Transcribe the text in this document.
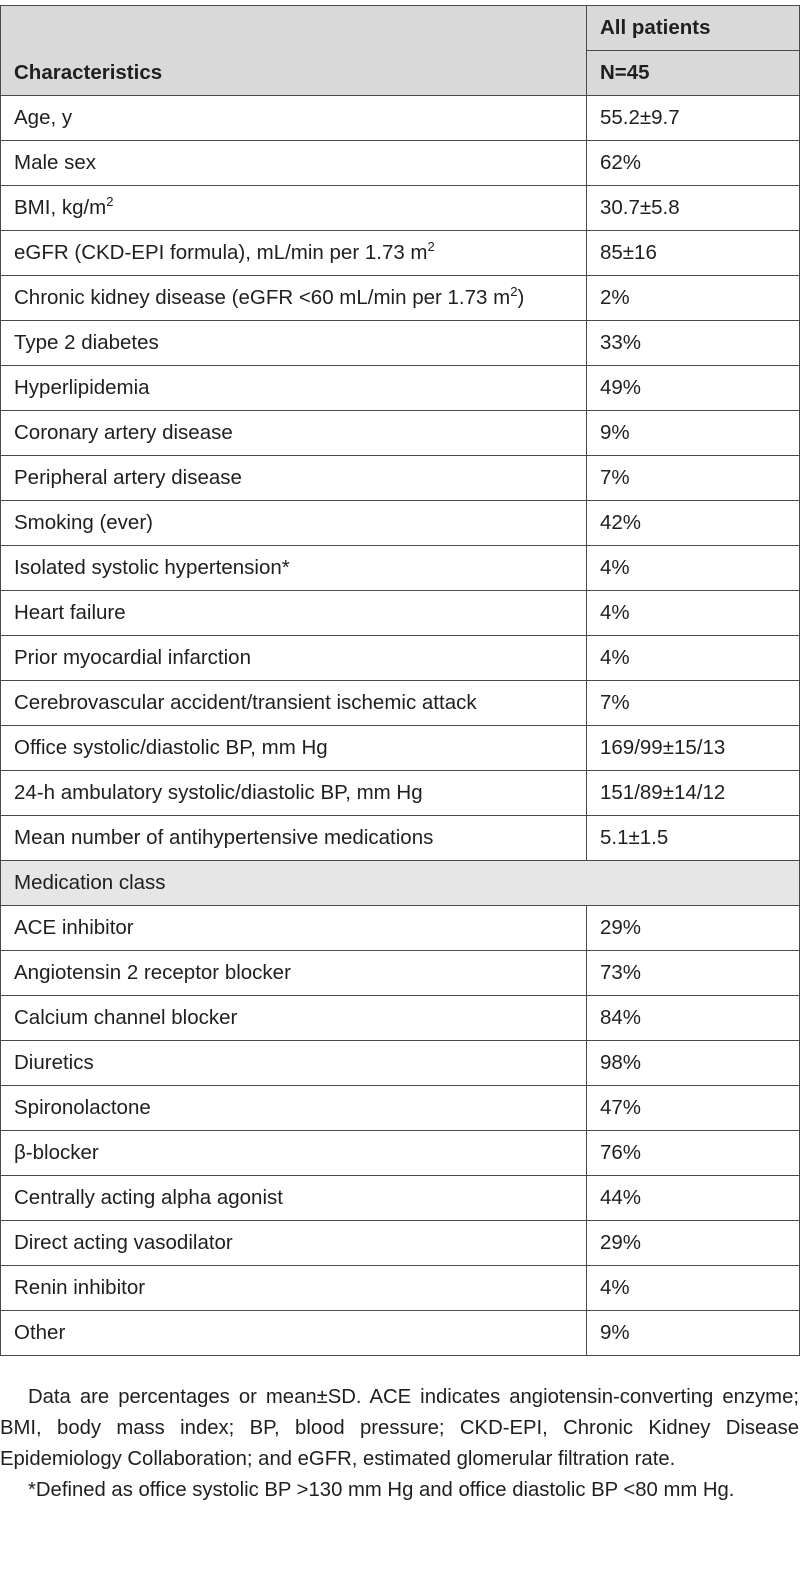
Characteristics	All patients
	N=45
Age, y	55.2±9.7
Male sex	62%
BMI, $kg/m^2$	30.7±5.8
eGFR (CKD-EPI formula), mL/min per 1.73 $m^2$	85±16
Chronic kidney disease (eGFR <60 mL/min per 1.73 $m^2$)	2%
Type 2 diabetes	33%
Hyperlipidemia	49%
Coronary artery disease	9%
Peripheral artery disease	7%
Smoking (ever)	42%
Isolated systolic hypertension*	4%
Heart failure	4%
Prior myocardial infarction	4%
Cerebrovascular accident/transient ischemic attack	7%
Office systolic/diastolic BP, mm Hg	169/99±15/13
24-h ambulatory systolic/diastolic BP, mm Hg	151/89±14/12
Mean number of antihypertensive medications	5.1±1.5
Medication class	
ACE inhibitor	29%
Angiotensin 2 receptor blocker	73%
Calcium channel blocker	84%
Diuretics	98%
Spironolactone	47%
β-blocker	76%
Centrally acting alpha agonist	44%
Direct acting vasodilator	29%
Renin inhibitor	4%
Other	9%

Data are percentages or mean±SD. ACE indicates angiotensin-converting enzyme; BMI, body mass index; BP, blood pressure; CKD-EPI, Chronic Kidney Disease Epidemiology Collaboration; and eGFR, estimated glomerular filtration rate.

*Defined as office systolic BP >130 mm Hg and office diastolic BP <80 mm Hg.
